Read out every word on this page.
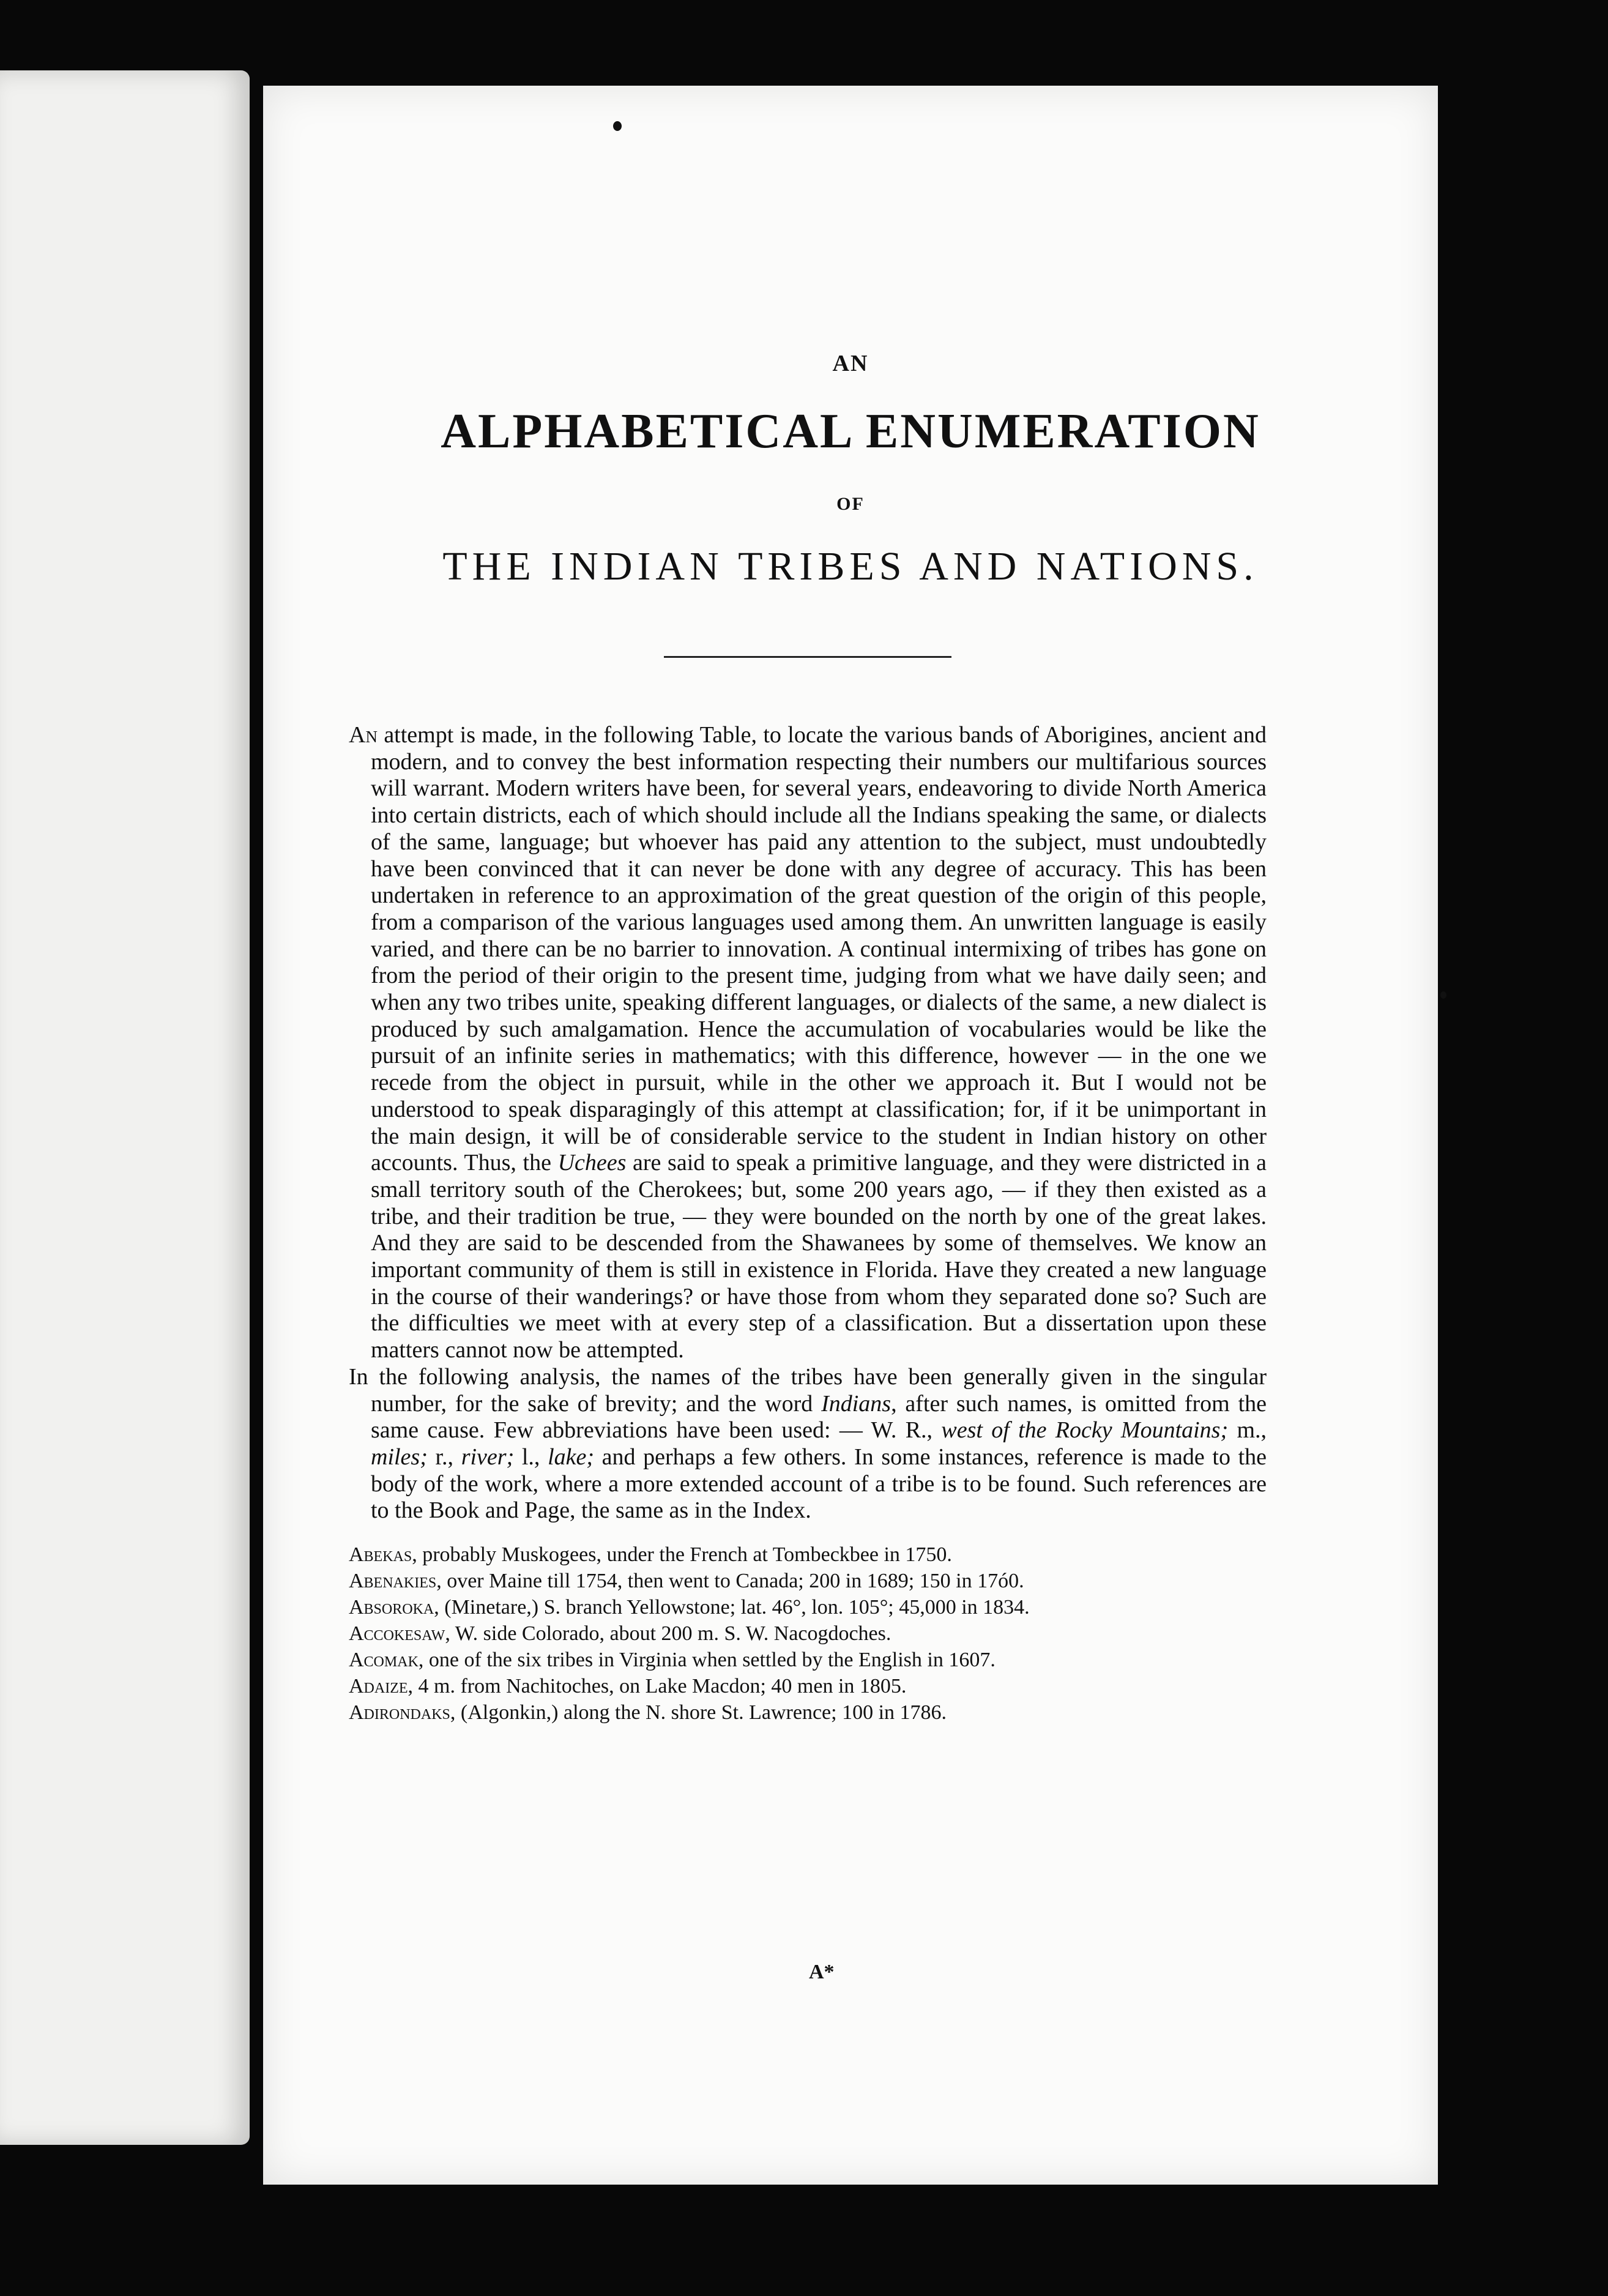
AN
ALPHABETICAL ENUMERATION
OF
THE INDIAN TRIBES AND NATIONS.

An attempt is made, in the following Table, to locate the various bands of Aborigines, ancient and modern, and to convey the best information respecting their numbers our multifarious sources will warrant. Modern writers have been, for several years, endeavoring to divide North America into certain districts, each of which should include all the Indians speaking the same, or dialects of the same, language; but whoever has paid any attention to the subject, must undoubtedly have been convinced that it can never be done with any degree of accuracy. This has been undertaken in reference to an approximation of the great question of the origin of this people, from a comparison of the various languages used among them. An unwritten language is easily varied, and there can be no barrier to innovation. A continual intermixing of tribes has gone on from the period of their origin to the present time, judging from what we have daily seen; and when any two tribes unite, speaking different languages, or dialects of the same, a new dialect is produced by such amalgamation. Hence the accumulation of vocabularies would be like the pursuit of an infinite series in mathematics; with this difference, however — in the one we recede from the object in pursuit, while in the other we approach it. But I would not be understood to speak disparagingly of this attempt at classification; for, if it be unimportant in the main design, it will be of considerable service to the student in Indian history on other accounts. Thus, the Uchees are said to speak a primitive language, and they were districted in a small territory south of the Cherokees; but, some 200 years ago, — if they then existed as a tribe, and their tradition be true, — they were bounded on the north by one of the great lakes. And they are said to be descended from the Shawanees by some of themselves. We know an important community of them is still in existence in Florida. Have they created a new language in the course of their wanderings? or have those from whom they separated done so? Such are the difficulties we meet with at every step of a classification. But a dissertation upon these matters cannot now be attempted.

In the following analysis, the names of the tribes have been generally given in the singular number, for the sake of brevity; and the word Indians, after such names, is omitted from the same cause. Few abbreviations have been used: — W. R., west of the Rocky Mountains; m., miles; r., river; l., lake; and perhaps a few others. In some instances, reference is made to the body of the work, where a more extended account of a tribe is to be found. Such references are to the Book and Page, the same as in the Index.

Abekas, probably Muskogees, under the French at Tombeckbee in 1750.

Abenakies, over Maine till 1754, then went to Canada; 200 in 1689; 150 in 17ó0.

Absoroka, (Minetare,) S. branch Yellowstone; lat. 46°, lon. 105°; 45,000 in 1834.

Accokesaw, W. side Colorado, about 200 m. S. W. Nacogdoches.

Acomak, one of the six tribes in Virginia when settled by the English in 1607.

Adaize, 4 m. from Nachitoches, on Lake Macdon; 40 men in 1805.

Adirondaks, (Algonkin,) along the N. shore St. Lawrence; 100 in 1786.

A*
